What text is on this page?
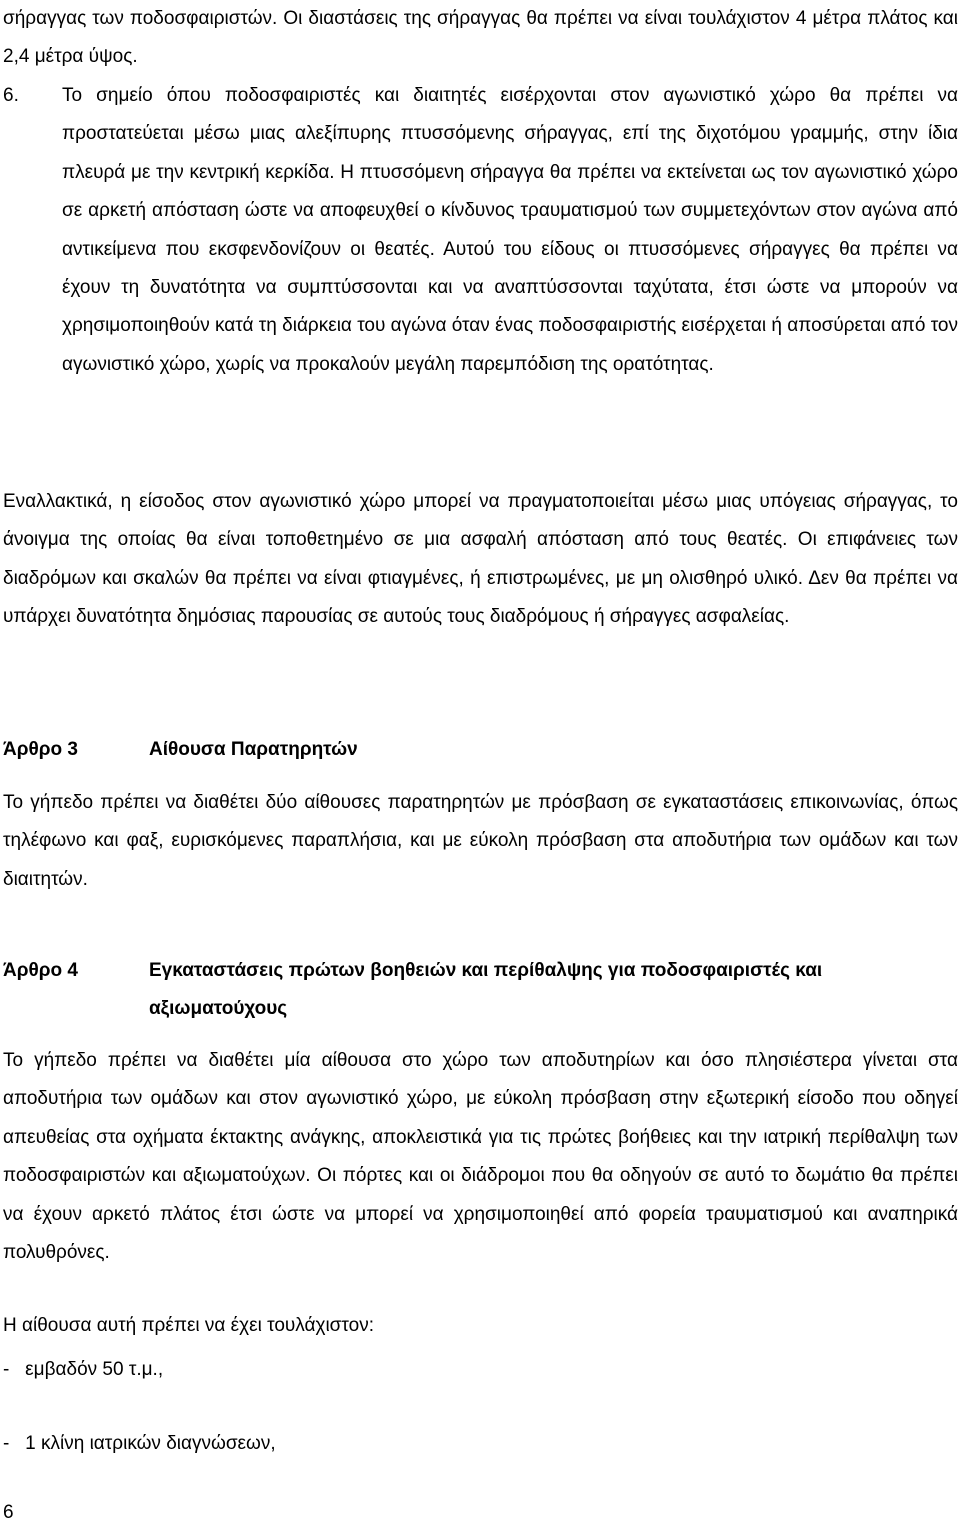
σήραγγας των ποδοσφαιριστών. Οι διαστάσεις της σήραγγας θα πρέπει να είναι τουλάχιστον 4 μέτρα πλάτος και 2,4 μέτρα ύψος.
6. Το σημείο όπου ποδοσφαιριστές και διαιτητές εισέρχονται στον αγωνιστικό χώρο θα πρέπει να προστατεύεται μέσω μιας αλεξίπυρης πτυσσόμενης σήραγγας, επί της διχοτόμου γραμμής, στην ίδια πλευρά με την κεντρική κερκίδα. Η πτυσσόμενη σήραγγα θα πρέπει να εκτείνεται ως τον αγωνιστικό χώρο σε αρκετή απόσταση ώστε να αποφευχθεί ο κίνδυνος τραυματισμού των συμμετεχόντων στον αγώνα από αντικείμενα που εκσφενδονίζουν οι θεατές. Αυτού του είδους οι πτυσσόμενες σήραγγες θα πρέπει να έχουν τη δυνατότητα να συμπτύσσονται και να αναπτύσσονται ταχύτατα, έτσι ώστε να μπορούν να χρησιμοποιηθούν κατά τη διάρκεια του αγώνα όταν ένας ποδοσφαιριστής εισέρχεται ή αποσύρεται από τον αγωνιστικό χώρο, χωρίς να προκαλούν μεγάλη παρεμπόδιση της ορατότητας.
Εναλλακτικά, η είσοδος στον αγωνιστικό χώρο μπορεί να πραγματοποιείται μέσω μιας υπόγειας σήραγγας, το άνοιγμα της οποίας θα είναι τοποθετημένο σε μια ασφαλή απόσταση από τους θεατές. Οι επιφάνειες των διαδρόμων και σκαλών θα πρέπει να είναι φτιαγμένες, ή επιστρωμένες, με μη ολισθηρό υλικό. Δεν θα πρέπει να υπάρχει δυνατότητα δημόσιας παρουσίας σε αυτούς τους διαδρόμους ή σήραγγες ασφαλείας.
Άρθρο 3	Αίθουσα Παρατηρητών
Το γήπεδο πρέπει να διαθέτει δύο αίθουσες παρατηρητών με πρόσβαση σε εγκαταστάσεις επικοινωνίας, όπως τηλέφωνο και φαξ, ευρισκόμενες παραπλήσια, και με εύκολη πρόσβαση στα αποδυτήρια των ομάδων και των διαιτητών.
Άρθρο 4	Εγκαταστάσεις πρώτων βοηθειών και περίθαλψης για ποδοσφαιριστές και αξιωματούχους
Το γήπεδο πρέπει να διαθέτει μία αίθουσα στο χώρο των αποδυτηρίων και όσο πλησιέστερα γίνεται στα αποδυτήρια των ομάδων και στον αγωνιστικό χώρο, με εύκολη πρόσβαση στην εξωτερική είσοδο που οδηγεί απευθείας στα οχήματα έκτακτης ανάγκης, αποκλειστικά για τις πρώτες βοήθειες και την ιατρική περίθαλψη των ποδοσφαιριστών και αξιωματούχων. Οι πόρτες και οι διάδρομοι που θα οδηγούν σε αυτό το δωμάτιο θα πρέπει να έχουν αρκετό πλάτος έτσι ώστε να μπορεί να χρησιμοποιηθεί από φορεία τραυματισμού και αναπηρικά πολυθρόνες.
Η αίθουσα αυτή πρέπει να έχει τουλάχιστον:
-   εμβαδόν 50 τ.μ.,
-   1 κλίνη ιατρικών διαγνώσεων,
6
